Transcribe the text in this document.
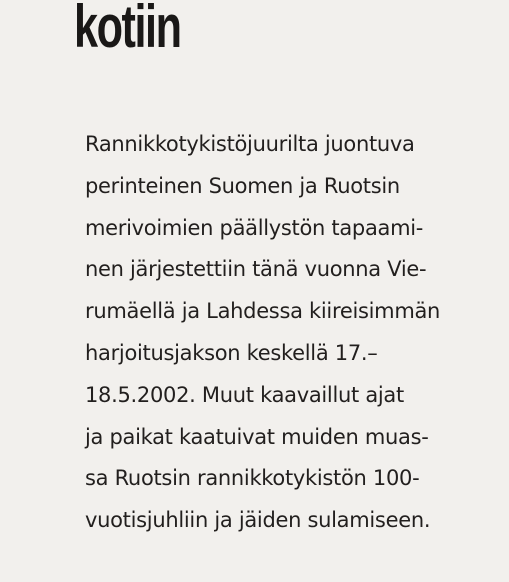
kotiin

Rannikkotykistöjuurilta juontuva
perinteinen Suomen ja Ruotsin
merivoimien päällystön tapaami-
nen järjestettiin tänä vuonna Vie-
rumäellä ja Lahdessa kiireisimmän
harjoitusjakson keskellä 17.–
18.5.2002. Muut kaavaillut ajat
ja paikat kaatuivat muiden muas-
sa Ruotsin rannikkotykistön 100-
vuotisjuhliin ja jäiden sulamiseen.
